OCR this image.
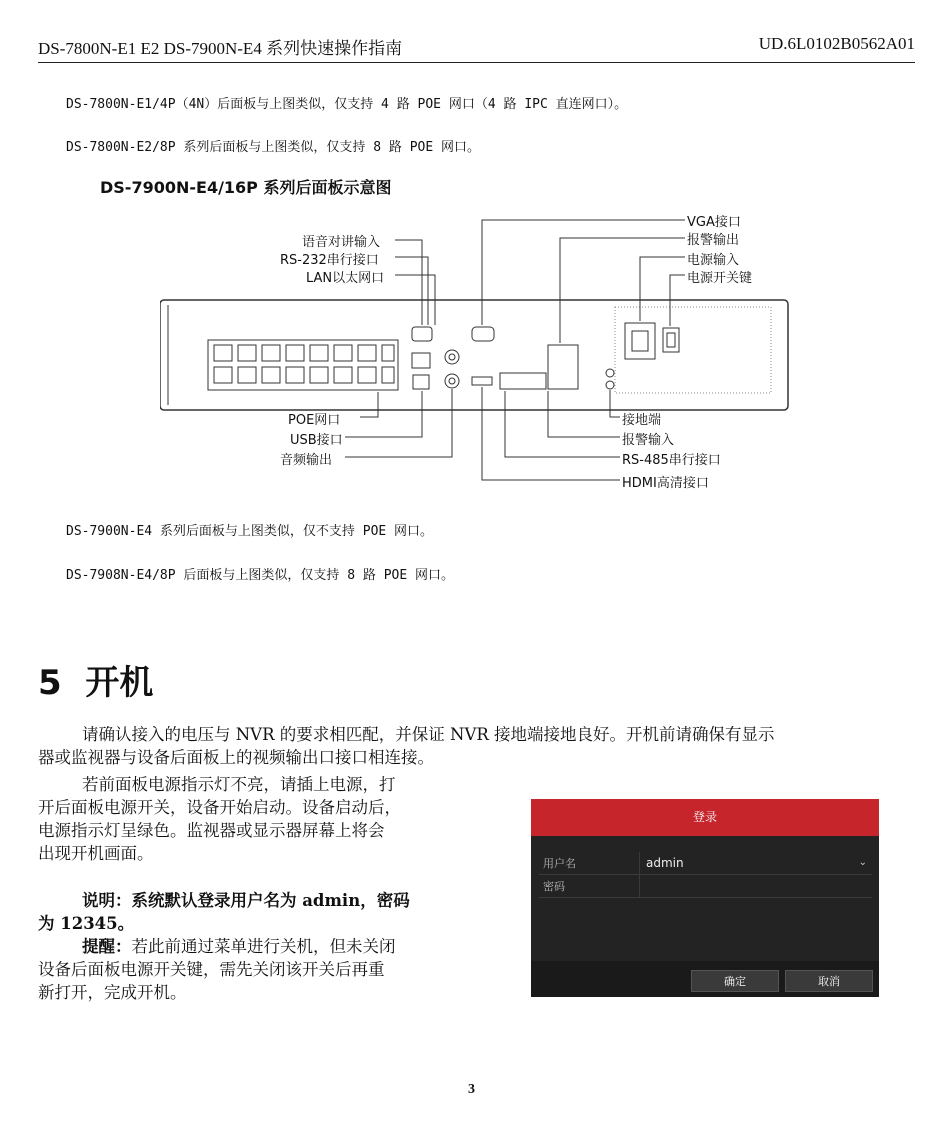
DS-7800N-E1 E2 DS-7900N-E4 系列快速操作指南	UD.6L0102B0562A01
DS-7800N-E1/4P（4N）后面板与上图类似，仅支持 4 路 POE 网口（4 路 IPC 直连网口）。
DS-7800N-E2/8P 系列后面板与上图类似，仅支持 8 路 POE 网口。
DS-7900N-E4/16P 系列后面板示意图
语音对讲输入
RS-232串行接口
LAN以太网口
VGA接口
报警输出
电源输入
电源开关键
POE网口
USB接口
音频输出
接地端
报警输入
RS-485串行接口
HDMI高清接口
DS-7900N-E4 系列后面板与上图类似，仅不支持 POE 网口。
DS-7908N-E4/8P 后面板与上图类似，仅支持 8 路 POE 网口。
5 开机
请确认接入的电压与 NVR 的要求相匹配，并保证 NVR 接地端接地良好。开机前请确保有显示
器或监视器与设备后面板上的视频输出口接口相连接。
若前面板电源指示灯不亮，请插上电源，打
开后面板电源开关，设备开始启动。设备启动后，
电源指示灯呈绿色。监视器或显示器屏幕上将会
出现开机画面。
说明：系统默认登录用户名为 admin，密码
为 12345。
提醒：若此前通过菜单进行关机，但未关闭
设备后面板电源开关键，需先关闭该开关后再重
新打开，完成开机。
登录
用户名	admin	⌄
密码
确定	取消
3
